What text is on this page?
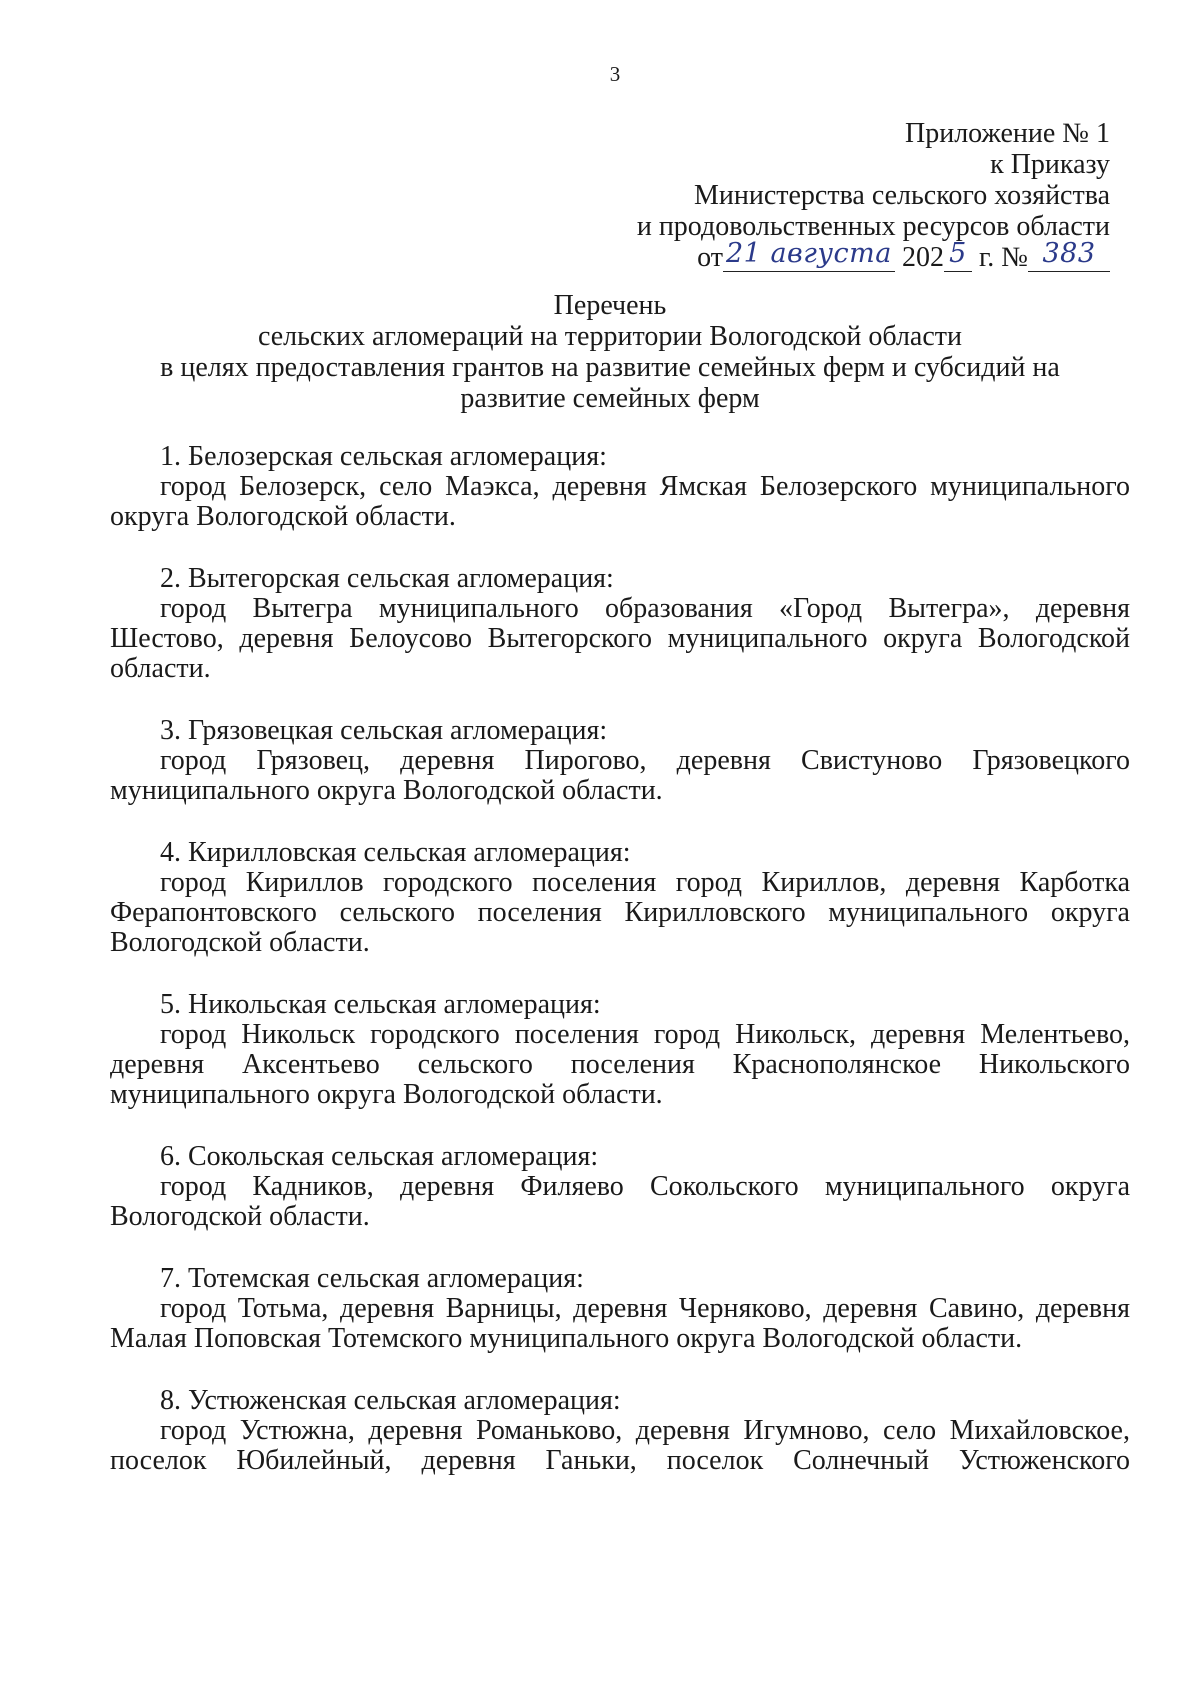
3
Приложение № 1
к Приказу
Министерства сельского хозяйства
и продовольственных ресурсов области
от 21 августа 202 5 г. № 383
Перечень
сельских агломераций на территории Вологодской области
в целях предоставления грантов на развитие семейных ферм и субсидий на
развитие семейных ферм
1. Белозерская сельская агломерация:
город Белозерск, село Маэкса, деревня Ямская Белозерского муниципального округа Вологодской области.
2. Вытегорская сельская агломерация:
город Вытегра муниципального образования «Город Вытегра», деревня Шестово, деревня Белоусово Вытегорского муниципального округа Вологодской области.
3. Грязовецкая сельская агломерация:
город Грязовец, деревня Пирогово, деревня Свистуново Грязовецкого муниципального округа Вологодской области.
4. Кирилловская сельская агломерация:
город Кириллов городского поселения город Кириллов, деревня Карботка Ферапонтовского сельского поселения Кирилловского муниципального округа Вологодской области.
5. Никольская сельская агломерация:
город Никольск городского поселения город Никольск, деревня Мелентьево, деревня Аксентьево сельского поселения Краснополянское Никольского муниципального округа Вологодской области.
6. Сокольская сельская агломерация:
город Кадников, деревня Филяево Сокольского муниципального округа Вологодской области.
7. Тотемская сельская агломерация:
город Тотьма, деревня Варницы, деревня Черняково, деревня Савино, деревня Малая Поповская Тотемского муниципального округа Вологодской области.
8. Устюженская сельская агломерация:
город Устюжна, деревня Романьково, деревня Игумново, село Михайловское, поселок Юбилейный, деревня Ганьки, поселок Солнечный Устюженского
